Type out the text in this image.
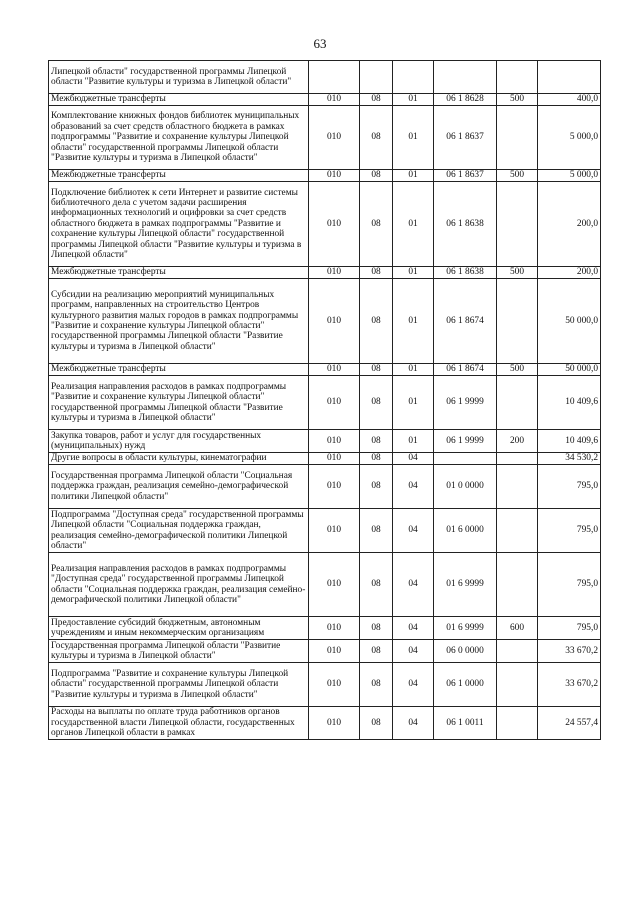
63
Липецкой области" государственной программы Липецкой области "Развитие культуры и туризма в Липецкой области"						
Межбюджетные трансферты	010	08	01	06 1 8628	500	400,0
Комплектование книжных фондов библиотек муниципальных образований за счет средств областного бюджета в рамках подпрограммы "Развитие и сохранение культуры Липецкой области" государственной программы Липецкой области "Развитие культуры и туризма в Липецкой области"	010	08	01	06 1 8637		5 000,0
Межбюджетные трансферты	010	08	01	06 1 8637	500	5 000,0
Подключение библиотек к сети Интернет и развитие системы библиотечного дела с учетом задачи расширения информационных технологий и оцифровки за счет средств областного бюджета в рамках подпрограммы "Развитие и сохранение культуры Липецкой области" государственной программы Липецкой области "Развитие культуры и туризма в Липецкой области"	010	08	01	06 1 8638		200,0
Межбюджетные трансферты	010	08	01	06 1 8638	500	200,0
Субсидии на реализацию мероприятий муниципальных программ, направленных на строительство Центров культурного развития малых городов в рамках подпрограммы "Развитие и сохранение культуры Липецкой области" государственной программы Липецкой области "Развитие культуры и туризма в Липецкой области"	010	08	01	06 1 8674		50 000,0
Межбюджетные трансферты	010	08	01	06 1 8674	500	50 000,0
Реализация направления расходов в рамках подпрограммы "Развитие и сохранение культуры Липецкой области" государственной программы Липецкой области "Развитие культуры и туризма в Липецкой области"	010	08	01	06 1 9999		10 409,6
Закупка товаров, работ и услуг для государственных (муниципальных) нужд	010	08	01	06 1 9999	200	10 409,6
Другие вопросы в области культуры, кинематографии	010	08	04			34 530,2
Государственная программа Липецкой области "Социальная поддержка граждан, реализация семейно-демографической политики Липецкой области"	010	08	04	01 0 0000		795,0
Подпрограмма "Доступная среда" государственной программы Липецкой области "Социальная поддержка граждан, реализация семейно-демографической политики Липецкой области"	010	08	04	01 6 0000		795,0
Реализация направления расходов в рамках подпрограммы "Доступная среда" государственной программы Липецкой области "Социальная поддержка граждан, реализация семейно-демографической политики Липецкой области"	010	08	04	01 6 9999		795,0
Предоставление субсидий бюджетным, автономным учреждениям и иным некоммерческим организациям	010	08	04	01 6 9999	600	795,0
Государственная программа Липецкой области "Развитие культуры и туризма в Липецкой области"	010	08	04	06 0 0000		33 670,2
Подпрограмма "Развитие и сохранение культуры Липецкой области" государственной программы Липецкой области "Развитие культуры и туризма в Липецкой области"	010	08	04	06 1 0000		33 670,2
Расходы на выплаты по оплате труда работников органов государственной власти Липецкой области, государственных органов Липецкой области в рамках	010	08	04	06 1 0011		24 557,4
